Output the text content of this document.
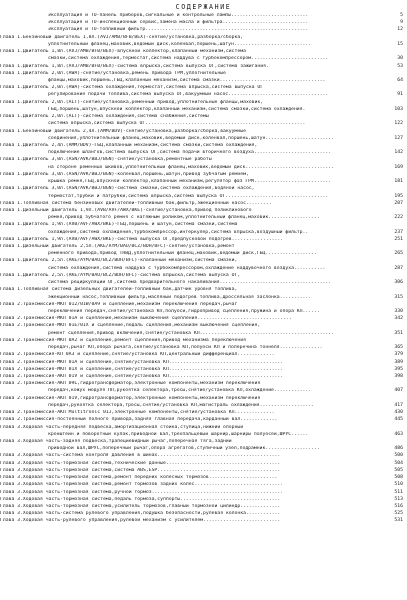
СОДЕРЖАНИЕ
Эксплуатация и ТО-панель приборов,сигнальные и контрольные лампы...........................	5
Эксплуатация и ТО-инспекционный сервис,замена масла и фильтра..............................	9
Эксплуатация и ТО-топливный фильтр.........................................................	12
Глава 1.Бензиновый двигатель 1,8л.(AVJ/AMB/BFB/BEX)-снятие/установка,разборка/сборка,
уплотнительный фланец,маховик,ведомый диск,коленвал,поршень,шатун...........................	15
Глава 1.Двигатель 1,8л.(AVJ/AMB/BFB/BEX)-впускной коллектор,клапанный механизм,система
смазки,система охлаждения,термостат,система наддува с турбокомпрессором...........................	30
Глава 1.Двигатель 1,8л.(AVJ/AMB/BFB/BEX)-система впрыска,система выпуска ОГ,система зажигания.	53
Глава 1.Двигатель 2,0л.(AWA)-снятие/установка,ремень привода ГРМ,уплотнительные
фланцы,маховик,поршень,ГБЦ,клапанный механизм,система смазки.....................................	64
Глава 1.Двигатель 2,0л.(AWA)-система охлаждения,термостат,система впрыска,система выпуска ОГ
регулирование подачи топлива,система выпуска ОГ,вакуумный насос...................................	91
Глава 1.Двигатель 2,0л.(ALT)-снятие/установка,ременный привод,уплотнительные фланцы,маховик,
ГБЦ,поршень,шатун,впускной коллектор,клапанный механизм,система смазки,система охлаждения.	103
Глава 1.Двигатель 2,0л.(ALT)-система охлаждения,система снабжения,системы
система впрыска,система выпуска ОГ........................................................	122
Глава 1.Бензиновый двигатель 2,4л.(AMM/BDV)-снятие/установка,разборка/сборка,вакуумные
соединения,уплотнительный фланец,маховик,ведомый диск,коленвал,поршень,шатун........................	127
Глава 1.Двигатель 2,4л.(AMM/BDV)-ГБЦ,клапанный механизм,система смазки,система охлаждения,
подключение шлангов,система выпуска ОГ,система подачи вторичного воздуха...........................	142
Глава 1.Двигатель 3,0л.(ASN/AVK/BBJ/BGN)-снятие/установка,ремонтные работы
на стороне ременных шкивов,уплотнительный фланец,маховик,ведомый диск...............................	169
Глава 1.Двигатель 3,0л.(ASN/AVK/BBJ/BGN)-коленвал,поршень,шатун,привод зубчатым ремнем,
крышка ремня,ГБЦ,впускной коллектор,клапанный механизм,регулятор фаз ГРМ...........................	181
Глава 1.Двигатель 3,0л.(ASN/AVK/BBJ/BGN)-система смазки,система охлаждения,водяной насос,
термостат,трубки и патрубки,система впрыска,система выпуска ОГ....................................	195
Глава 1.Топливная система бензиновых двигателей-топливный бак,фильтр,эжекционный насос.........	207
Глава 1.Дизельный двигатель 1,9л.(AVB/AVF/AWX/BKE)-снятие/установка,привод поликлинового
ремня,привод зубчатого ремня с натяжным роликом,уплотнительный фланец,маховик..................	222
Глава 1.Двигатель 1,9л.(AVB/AVF/AWX/BKE)-ГБЦ,поршень и шатун,система смазки,система
охлаждения,система охлаждения,турбокомпрессор,интеркулер,система впрыска,воздушный фильтр..	237
Глава 1.Двигатель 1,9л.(AVB/AVF/AWX/BKE)-система выпуска ОГ,предпусковой подогрев..................	251
Глава 1.Дизельный двигатель 2,5л.(AKE/AYM/BAU/BCZ/BDH/BFC)-снятие/установка,ремонт
ременного привода,привод ТНВД,уплотнительный фланец,маховик,ведомый диск,ГБЦ..................	265
Глава 1.Двигатель 2,5л.(AKE/AYM/BAU/BCZ/BDH/BFC)-клапанный механизм,система смазки,
система охлаждения,система наддува с турбокомпрессором,охлаждение наддувочного воздуха...........	287
Глава 1.Двигатель 2,5л.(AKE/AYM/BAU/BCZ/BDH/BFC)-система впрыска,система выпуска ОГ,
система рециркуляции ОГ,система предварительного накаливания.......................................	306
Глава 1.Топливная система дизельных двигателей-топливный бак,датчик уровня топлива,
эжекционный насос,топливный фильтр,масляный подогрев топлива,дроссельная заслонка...........	315
Глава 2.Трансмиссия-МКП 012/01W/0A9 и сцепление,механизм переключения передач,рычаг
переключения передач,снятие/установка КП,полуоси,гидропривод сцепления,пружина и опора КП......	330
Глава 2.Трансмиссия-МКП 01A и сцепление,механизм выключения сцепления.................................	342
Глава 2.Трансмиссия-МКП 01E/01X и сцепление,педаль сцепления,механизм выключения сцепления,
ремонт сцепления,привод включения,снятие/установка КП...............................................	351
Глава 2.Трансмиссия-МКП 0A2 и сцепление,ремонт сцепления,привод механизма переключения
передач,рычаг КП,опора рычага,снятие/установка КП,полуоси КП и поперечина тоннеля...............	365
Глава 2.Трансмиссия-КП 0A3 и сцепление,снятие/установка КП,центральный дифференциал.............	379
Глава 2.Трансмиссия-МКП 01A и сцепление,снятие/установка КП........................................	389
Глава 2.Трансмиссия-МКП 01X и сцепление,снятие/установка КП........................................	395
Глава 2.Трансмиссия-АКП 01V и сцепление,снятие/установка КП........................................	398
Глава 2.Трансмиссия-АКП 09L,гидротрансформатор,электронные компоненты,механизм переключения
передач,кожух модуля ПП,рукоятка селектора,тросы,снятие/установка КП,охлаждение.............	407
Глава 2.Трансмиссия-АКП 01V,гидротрансформатор,электронные компоненты,механизм переключения
передач,рукоятка селектора,тросы,снятие/установка КП,магистраль охлаждения...................	417
Глава 2.Трансмиссия-АКП Multitronic 01J,электронные компоненты,снятие/установка КП..............	430
Глава 2.Трансмиссия-постоянный полного привода,задняя главная передача,карданный вал.............	445
Глава 3.Ходовая часть-передняя подвеска,амортизационная стойка,ступица,нижний опорный
кронштейн и поворотный кулак,приводной вал,трехпальцевый шарнир,шарниры полуосей,ШРУС......	463
Глава 3.Ходовая часть-задняя подвеска,трапециевидный рычаг,поперечная тяга,задний
приводной вал,ШРУС,поперечный рычаг,опора агрегатов,ступичный узел,подрамник...................	486
Глава 3.Ходовая часть-система контроля давления в шинах...........................................	500
Глава 3.Ходовая часть-тормозная система,технические данные........................................	504
Глава 3.Ходовая часть-тормозная система,система ABS,ESP...........................................	505
Глава 3.Ходовая часть-тормозная система,ремонт передних колесных тормозов........................	508
Глава 3.Ходовая часть-тормозная система,ремонт тормозов задних колес...............................	510
Глава 3.Ходовая часть-тормозная система,ручной тормоз..............................................	511
Глава 3.Ходовая часть-тормозная система,педаль тормоза,суппорты...................................	513
Глава 3.Ходовая часть-тормозная система,усилитель тормозов,главный тормозной цилиндр..............	516
Глава 3.Ходовая часть-система рулевого управления,подушка безопасности,рулевая колонка............	525
Глава 3.Ходовая часть-рулевого управления,рулевой механизм с усилителем...........................	531
